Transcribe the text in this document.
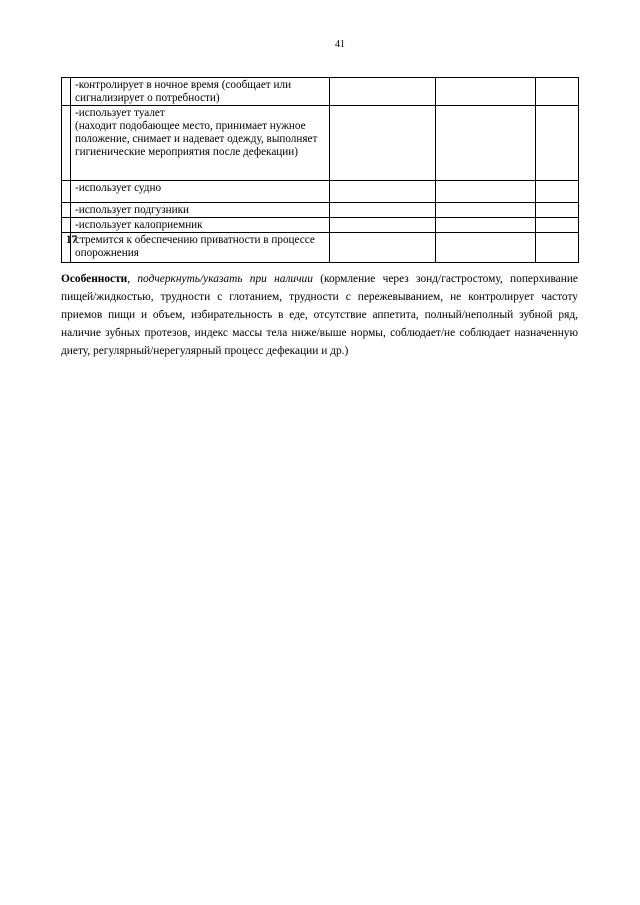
41
	-контролирует в ночное время (сообщает или сигнализирует о потребности)			
	-использует туалет
(находит подобающее место, принимает нужное положение, снимает и надевает одежду, выполняет гигиенические мероприятия после дефекации)			
	-использует судно			
	-использует подгузники			
	-использует калоприемник			
17	стремится к обеспечению приватности в процессе опорожнения			
Особенности, подчеркнуть/указать при наличии (кормление через зонд/гастростому, поперхивание пищей/жидкостью, трудности с глотанием, трудности с пережевыванием, не контролирует частоту приемов пищи и объем, избирательность в еде, отсутствие аппетита, полный/неполный зубной ряд, наличие зубных протезов, индекс массы тела ниже/выше нормы, соблюдает/не соблюдает назначенную диету, регулярный/нерегулярный процесс дефекации и др.)
